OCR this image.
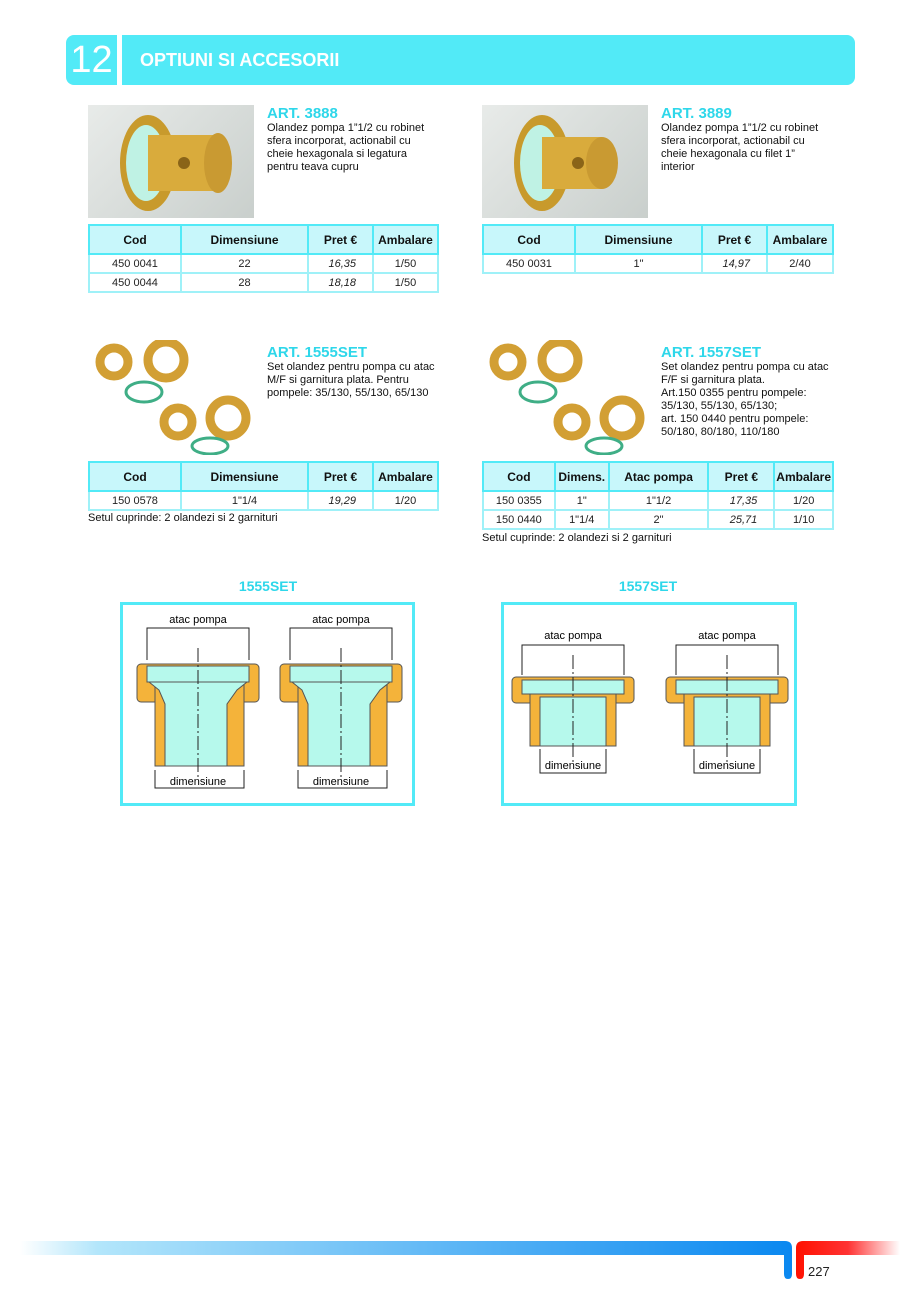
12 OPTIUNI SI ACCESORII
ART. 3888
Olandez pompa 1”1/2 cu robinet
sfera incorporat, actionabil cu
cheie hexagonala si legatura
pentru teava cupru
Cod	Dimensiune	Pret €	Ambalare
450 0041	22	16,35	1/50
450 0044	28	18,18	1/50
ART. 3889
Olandez pompa 1”1/2 cu robinet
sfera incorporat, actionabil cu
cheie hexagonala cu filet 1”
interior
Cod	Dimensiune	Pret €	Ambalare
450 0031	1"	14,97	2/40
ART. 1555SET
Set olandez pentru pompa cu atac
M/F si garnitura plata. Pentru
pompele: 35/130, 55/130, 65/130
Cod	Dimensiune	Pret €	Ambalare
150 0578	1"1/4	19,29	1/20
Setul cuprinde: 2 olandezi si 2 garnituri
ART. 1557SET
Set olandez pentru pompa cu atac
F/F si garnitura plata.
Art.150 0355 pentru pompele:
35/130, 55/130, 65/130;
art. 150 0440 pentru pompele:
50/180, 80/180, 110/180
Cod	Dimens.	Atac pompa	Pret €	Ambalare
150 0355	1"	1"1/2	17,35	1/20
150 0440	1"1/4	2"	25,71	1/10
Setul cuprinde: 2 olandezi si 2 garnituri
1555SET	1557SET
atac pompa
dimensiune
atac pompa
dimensiune
atac pompa
dimensiune
atac pompa
dimensiune
227
